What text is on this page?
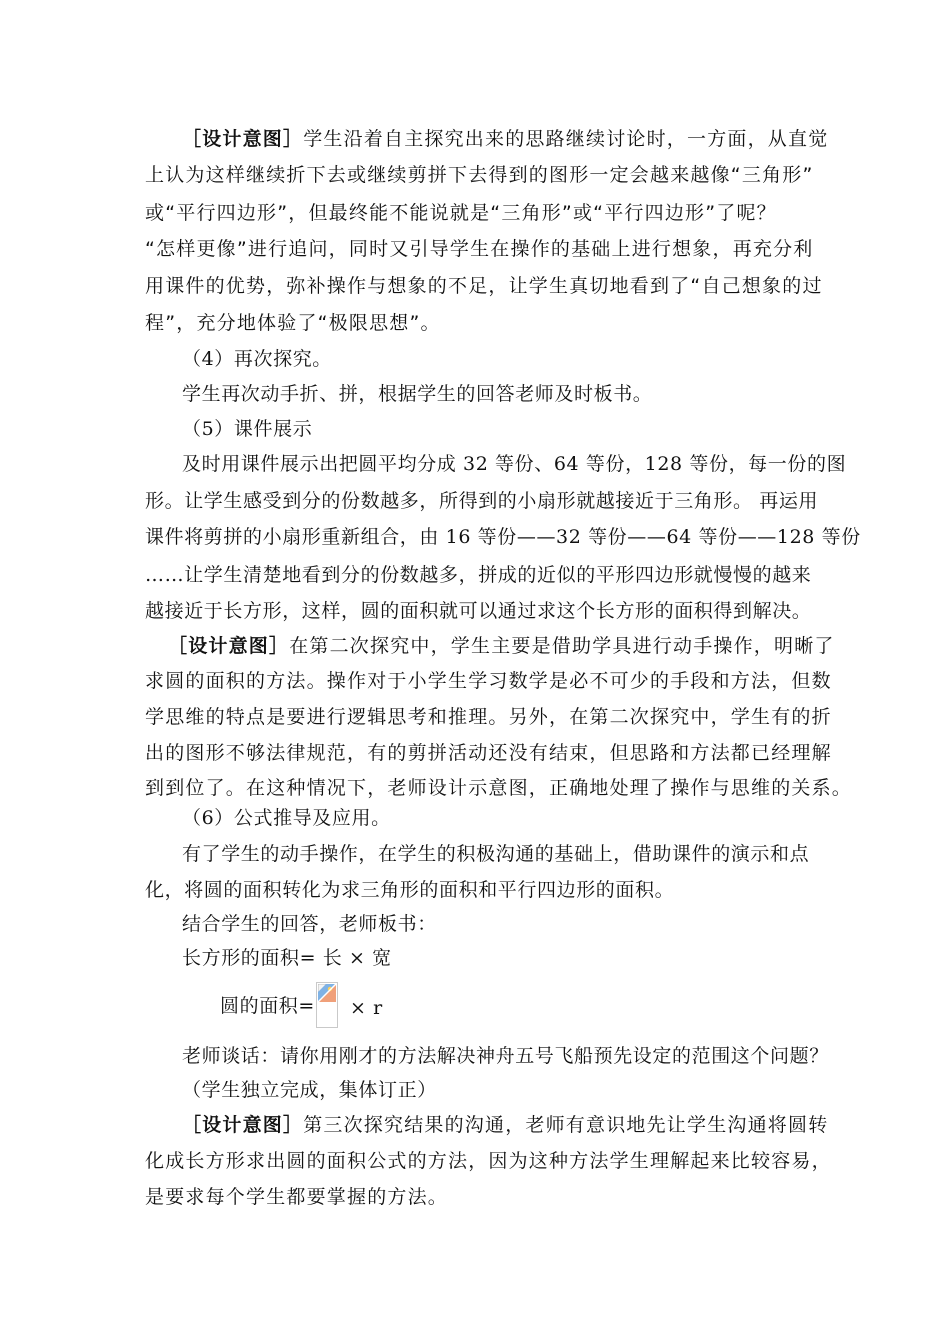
［设计意图］学生沿着自主探究出来的思路继续讨论时，一方面，从直觉
上认为这样继续折下去或继续剪拼下去得到的图形一定会越来越像“三角形”
或“平行四边形”，但最终能不能说就是“三角形”或“平行四边形”了呢？
“怎样更像”进行追问，同时又引导学生在操作的基础上进行想象，再充分利
用课件的优势，弥补操作与想象的不足，让学生真切地看到了“自己想象的过
程”，充分地体验了“极限思想”。
（4）再次探究。
学生再次动手折、拼，根据学生的回答老师及时板书。
（5）课件展示
及时用课件展示出把圆平均分成 32 等份、64 等份，128 等份，每一份的图
形。让学生感受到分的份数越多，所得到的小扇形就越接近于三角形。 再运用
课件将剪拼的小扇形重新组合，由 16 等份——32 等份——64 等份——128 等份
……让学生清楚地看到分的份数越多，拼成的近似的平形四边形就慢慢的越来
越接近于长方形，这样，圆的面积就可以通过求这个长方形的面积得到解决。
［设计意图］在第二次探究中，学生主要是借助学具进行动手操作，明晰了
求圆的面积的方法。操作对于小学生学习数学是必不可少的手段和方法，但数
学思维的特点是要进行逻辑思考和推理。另外，在第二次探究中，学生有的折
出的图形不够法律规范，有的剪拼活动还没有结束，但思路和方法都已经理解
到到位了。在这种情况下，老师设计示意图，正确地处理了操作与思维的关系。
（6）公式推导及应用。
有了学生的动手操作，在学生的积极沟通的基础上，借助课件的演示和点
化，将圆的面积转化为求三角形的面积和平行四边形的面积。
结合学生的回答，老师板书：
长方形的面积= 长 × 宽
圆的面积= × r
老师谈话：请你用刚才的方法解决神舟五号飞船预先设定的范围这个问题？
（学生独立完成，集体订正）
［设计意图］第三次探究结果的沟通，老师有意识地先让学生沟通将圆转
化成长方形求出圆的面积公式的方法，因为这种方法学生理解起来比较容易，
是要求每个学生都要掌握的方法。
